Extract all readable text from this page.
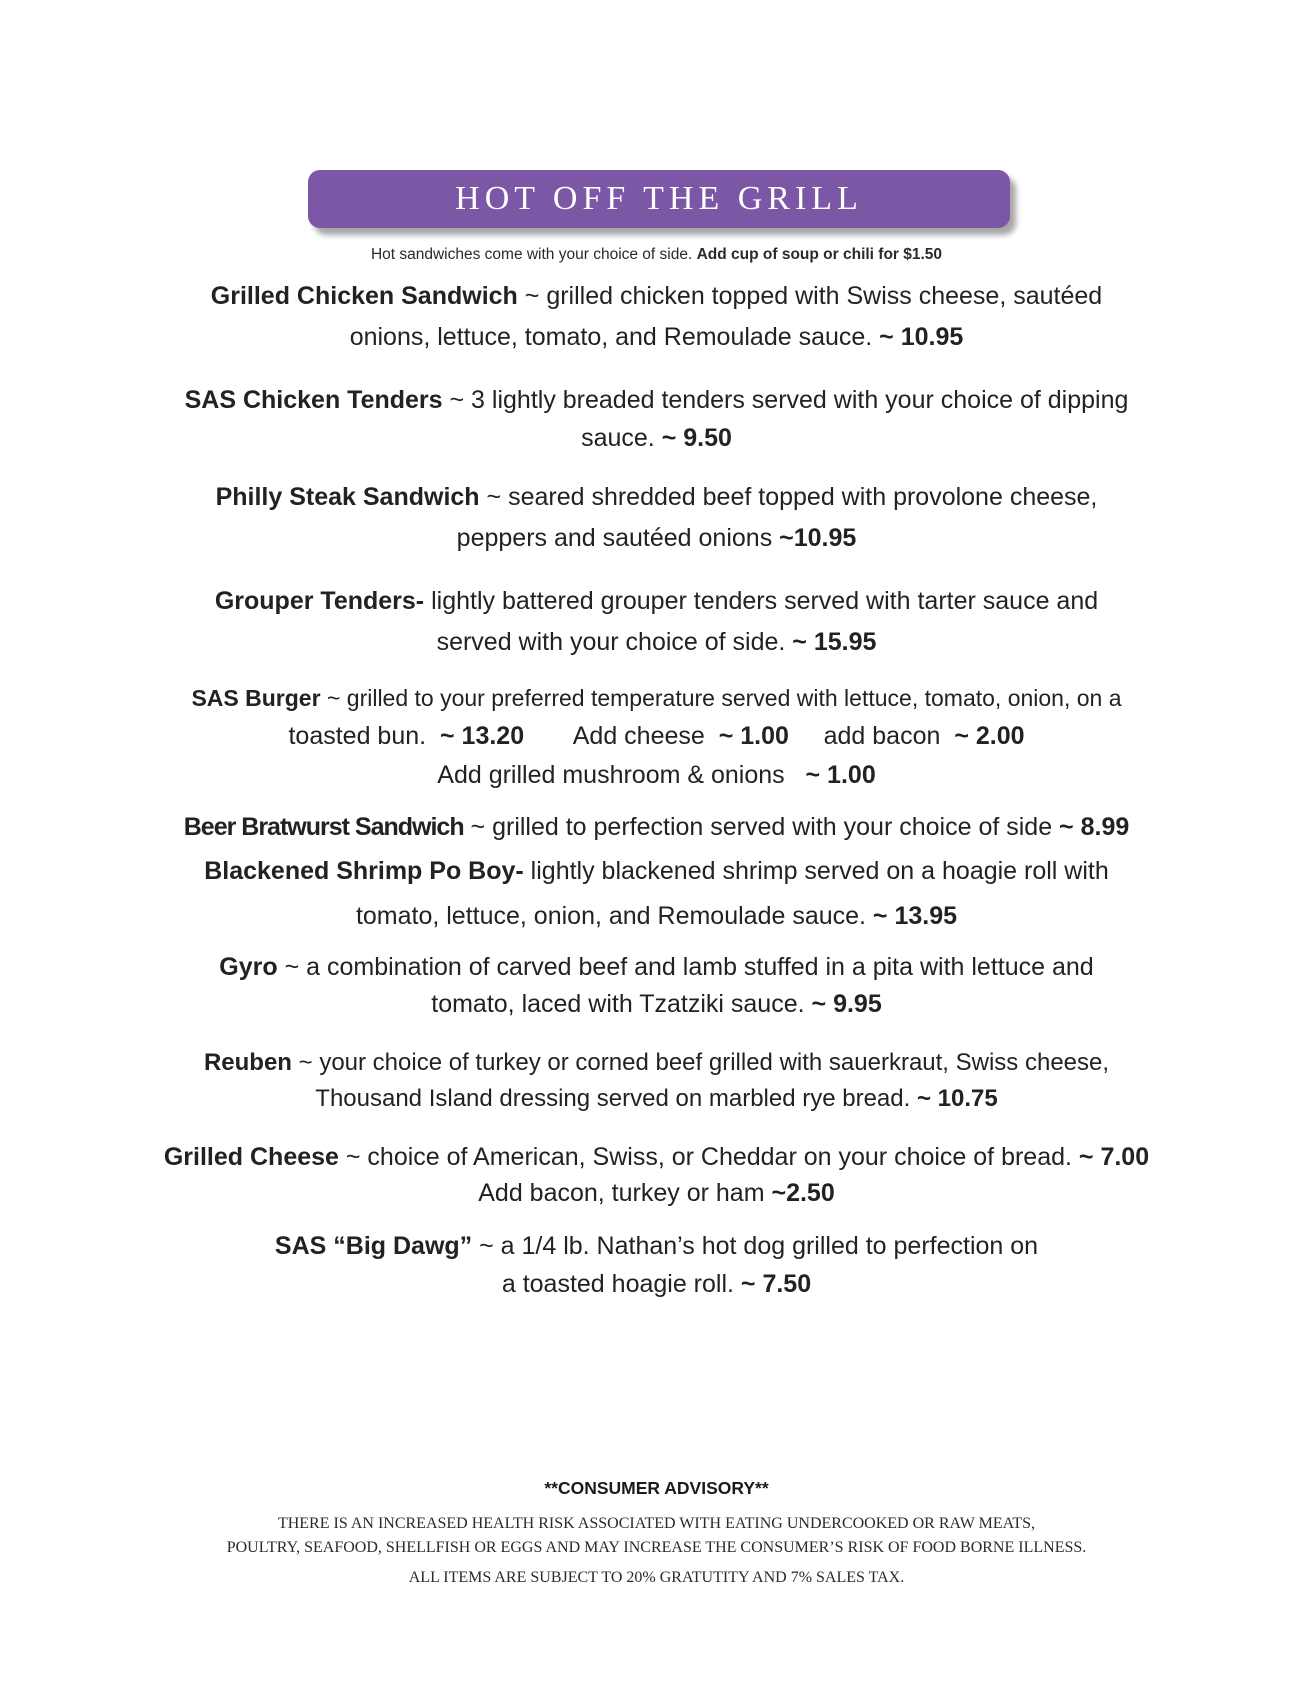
HOT OFF THE GRILL
Hot sandwiches come with your choice of side. Add cup of soup or chili for $1.50

Grilled Chicken Sandwich ~ grilled chicken topped with Swiss cheese, sautéed

onions, lettuce, tomato, and Remoulade sauce. ~ 10.95

SAS Chicken Tenders ~ 3 lightly breaded tenders served with your choice of dipping

sauce. ~ 9.50

Philly Steak Sandwich ~ seared shredded beef topped with provolone cheese,

peppers and sautéed onions ~10.95

Grouper Tenders- lightly battered grouper tenders served with tarter sauce and

served with your choice of side. ~ 15.95

SAS Burger ~ grilled to your preferred temperature served with lettuce, tomato, onion, on a

toasted bun. ~ 13.20 Add cheese ~ 1.00 add bacon ~ 2.00

Add grilled mushroom & onions ~ 1.00

Beer Bratwurst Sandwich ~ grilled to perfection served with your choice of side ~ 8.99

Blackened Shrimp Po Boy- lightly blackened shrimp served on a hoagie roll with

tomato, lettuce, onion, and Remoulade sauce. ~ 13.95

Gyro ~ a combination of carved beef and lamb stuffed in a pita with lettuce and

tomato, laced with Tzatziki sauce. ~ 9.95

Reuben ~ your choice of turkey or corned beef grilled with sauerkraut, Swiss cheese,

Thousand Island dressing served on marbled rye bread. ~ 10.75

Grilled Cheese ~ choice of American, Swiss, or Cheddar on your choice of bread. ~ 7.00

Add bacon, turkey or ham ~2.50

SAS “Big Dawg” ~ a 1/4 lb. Nathan’s hot dog grilled to perfection on

a toasted hoagie roll. ~ 7.50

**CONSUMER ADVISORY**
THERE IS AN INCREASED HEALTH RISK ASSOCIATED WITH EATING UNDERCOOKED OR RAW MEATS,
POULTRY, SEAFOOD, SHELLFISH OR EGGS AND MAY INCREASE THE CONSUMER’S RISK OF FOOD BORNE ILLNESS.
ALL ITEMS ARE SUBJECT TO 20% GRATUTITY AND 7% SALES TAX.
